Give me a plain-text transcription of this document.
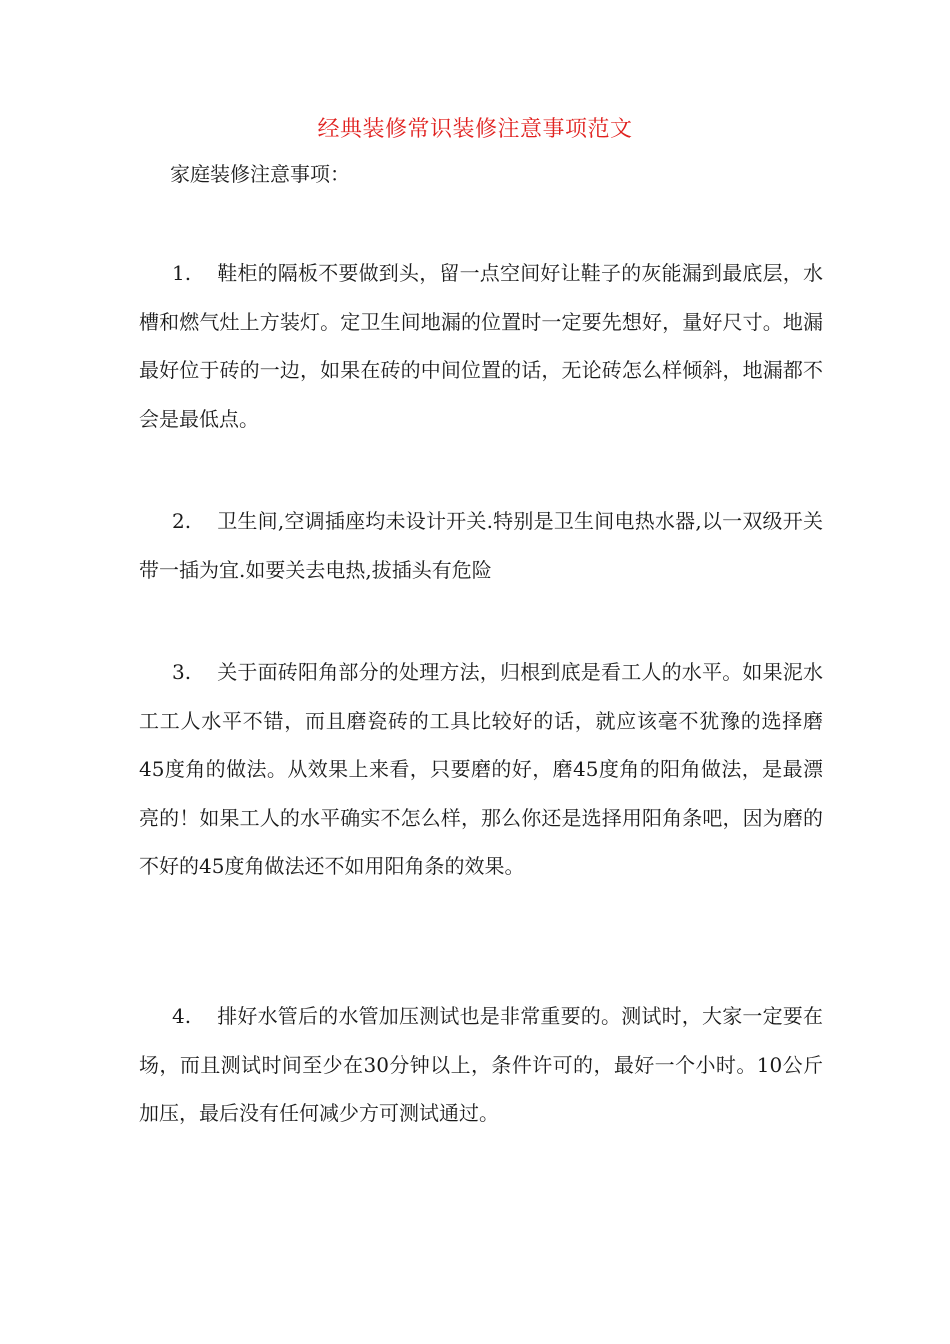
经典装修常识装修注意事项范文

家庭装修注意事项：

1. 鞋柜的隔板不要做到头，留一点空间好让鞋子的灰能漏到最底层，水槽和燃气灶上方装灯。定卫生间地漏的位置时一定要先想好，量好尺寸。地漏最好位于砖的一边，如果在砖的中间位置的话，无论砖怎么样倾斜，地漏都不会是最低点。

2. 卫生间,空调插座均未设计开关.特别是卫生间电热水器,以一双级开关带一插为宜.如要关去电热,拔插头有危险

3. 关于面砖阳角部分的处理方法，归根到底是看工人的水平。如果泥水工工人水平不错，而且磨瓷砖的工具比较好的话，就应该毫不犹豫的选择磨45度角的做法。从效果上来看，只要磨的好，磨45度角的阳角做法，是最漂亮的！如果工人的水平确实不怎么样，那么你还是选择用阳角条吧，因为磨的不好的45度角做法还不如用阳角条的效果。

4. 排好水管后的水管加压测试也是非常重要的。测试时，大家一定要在场，而且测试时间至少在30分钟以上，条件许可的，最好一个小时。10公斤加压，最后没有任何减少方可测试通过。
